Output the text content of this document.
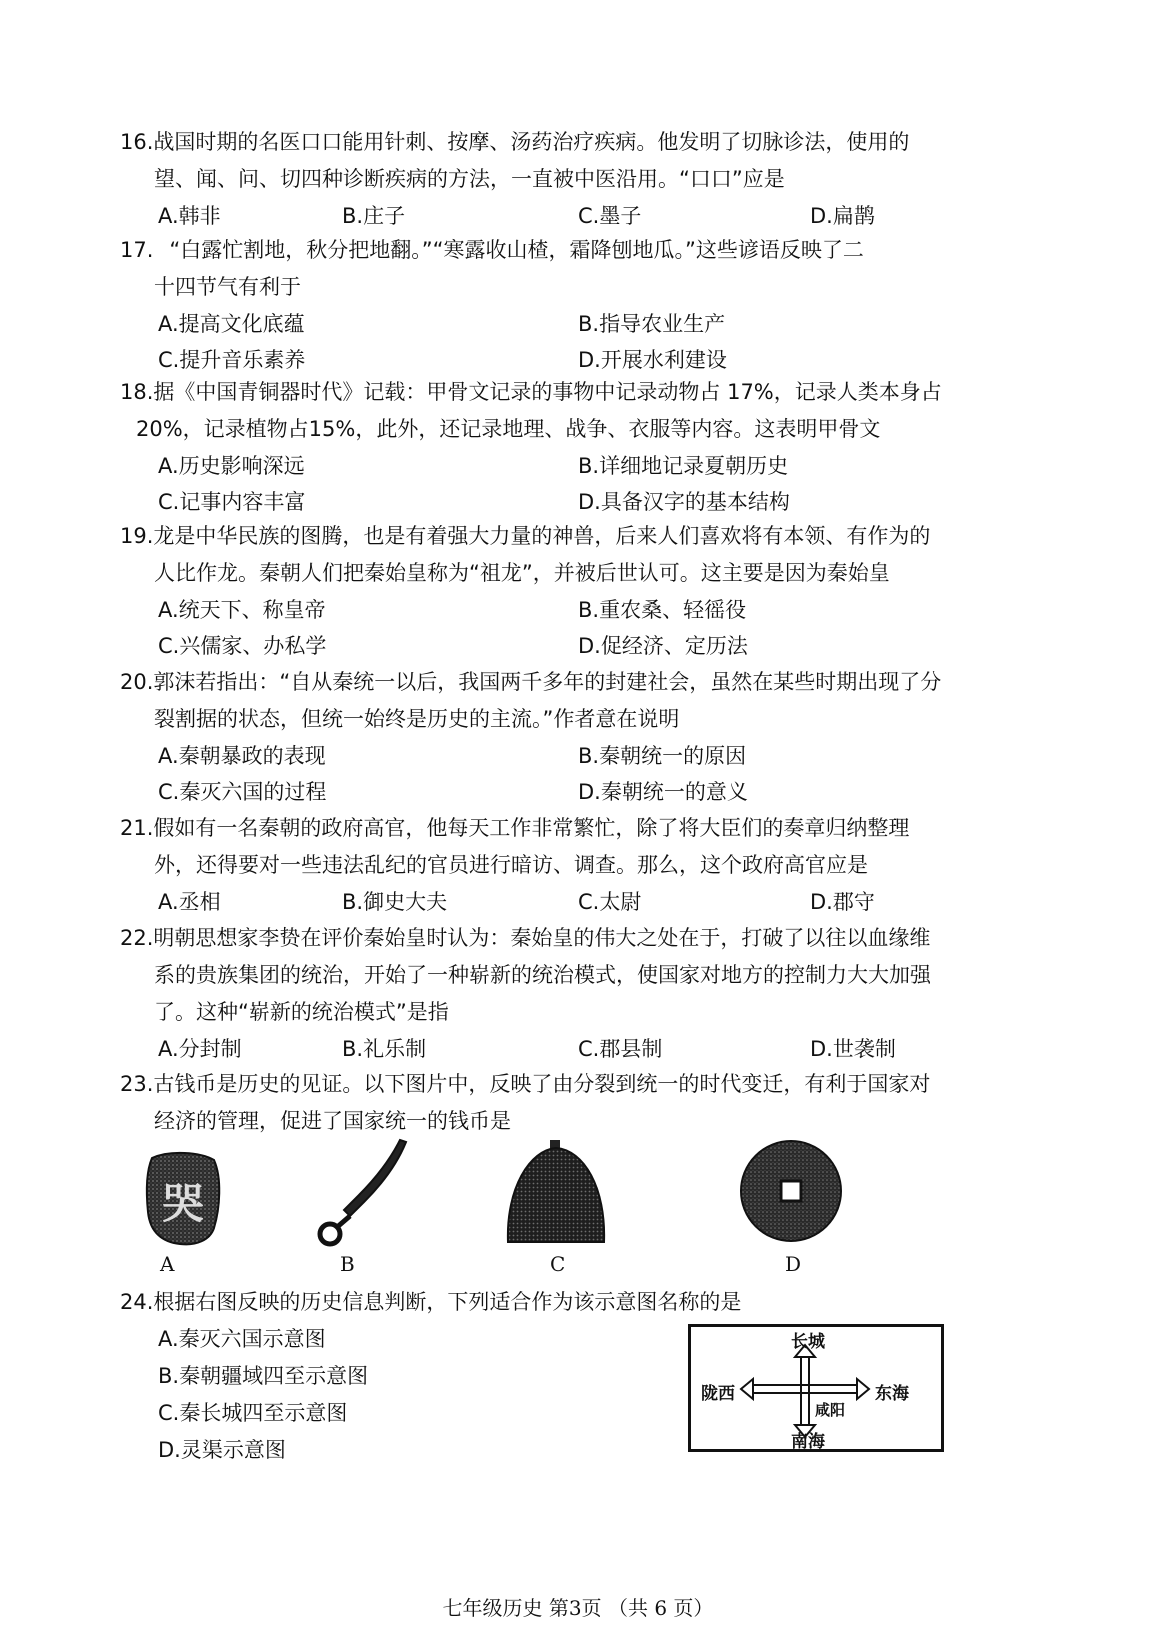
16.战国时期的名医口口能用针刺、按摩、汤药治疗疾病。他发明了切脉诊法，使用的
望、闻、问、切四种诊断疾病的方法，一直被中医沿用。“口口”应是
A.韩非	B.庄子	C.墨子	D.扁鹊
17. “白露忙割地，秋分把地翻。”“寒露收山楂，霜降刨地瓜。”这些谚语反映了二
十四节气有利于
A.提高文化底蕴	B.指导农业生产
C.提升音乐素养	D.开展水利建设
18.据《中国青铜器时代》记载：甲骨文记录的事物中记录动物占 17%，记录人类本身占
20%，记录植物占15%，此外，还记录地理、战争、衣服等内容。这表明甲骨文
A.历史影响深远	B.详细地记录夏朝历史
C.记事内容丰富	D.具备汉字的基本结构
19.龙是中华民族的图腾，也是有着强大力量的神兽，后来人们喜欢将有本领、有作为的
人比作龙。秦朝人们把秦始皇称为“祖龙”，并被后世认可。这主要是因为秦始皇
A.统天下、称皇帝	B.重农桑、轻徭役
C.兴儒家、办私学	D.促经济、定历法
20.郭沫若指出：“自从秦统一以后，我国两千多年的封建社会，虽然在某些时期出现了分
裂割据的状态，但统一始终是历史的主流。”作者意在说明
A.秦朝暴政的表现	B.秦朝统一的原因
C.秦灭六国的过程	D.秦朝统一的意义
21.假如有一名秦朝的政府高官，他每天工作非常繁忙，除了将大臣们的奏章归纳整理
外，还得要对一些违法乱纪的官员进行暗访、调查。那么，这个政府高官应是
A.丞相	B.御史大夫	C.太尉	D.郡守
22.明朝思想家李贽在评价秦始皇时认为：秦始皇的伟大之处在于，打破了以往以血缘维
系的贵族集团的统治，开始了一种崭新的统治模式，使国家对地方的控制力大大加强
了。这种“崭新的统治模式”是指
A.分封制	B.礼乐制	C.郡县制	D.世袭制
23.古钱币是历史的见证。以下图片中，反映了由分裂到统一的时代变迁，有利于国家对
经济的管理，促进了国家统一的钱币是
哭
A	B	C	D
24.根据右图反映的历史信息判断，下列适合作为该示意图名称的是
A.秦灭六国示意图
B.秦朝疆域四至示意图
C.秦长城四至示意图
D.灵渠示意图
长城
南海
陇西	东海
咸阳
七年级历史 第3页 （共 6 页）
